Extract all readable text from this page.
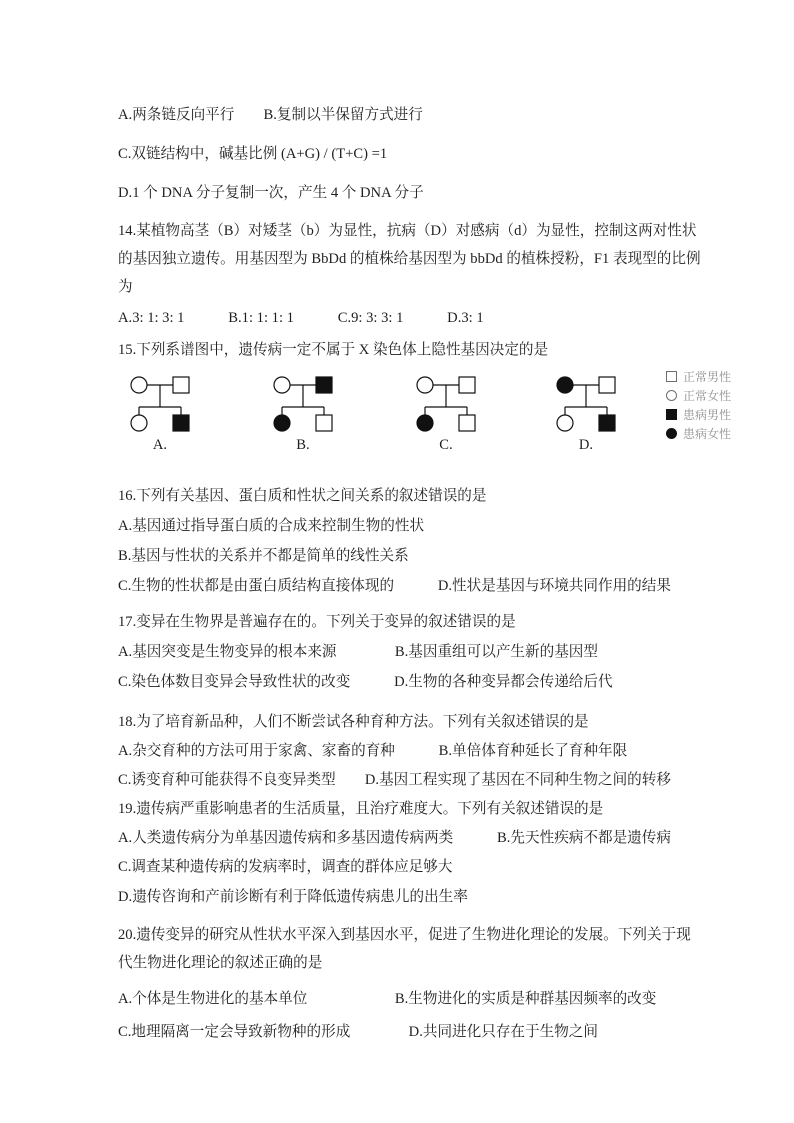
A.两条链反向平行　　B.复制以半保留方式进行
C.双链结构中，碱基比例 (A+G) / (T+C) =1
D.1 个 DNA 分子复制一次，产生 4 个 DNA 分子
14.某植物高茎（B）对矮茎（b）为显性，抗病（D）对感病（d）为显性，控制这两对性状
的基因独立遗传。用基因型为 BbDd 的植株给基因型为 bbDd 的植株授粉，F1 表现型的比例
为
A.3: 1: 3: 1　　　B.1: 1: 1: 1　　　C.9: 3: 3: 1　　　D.3: 1
15.下列系谱图中，遗传病一定不属于 X 染色体上隐性基因决定的是
A.	B.	C.	D.
正常男性
正常女性
患病男性
患病女性
16.下列有关基因、蛋白质和性状之间关系的叙述错误的是
A.基因通过指导蛋白质的合成来控制生物的性状
B.基因与性状的关系并不都是简单的线性关系
C.生物的性状都是由蛋白质结构直接体现的　　　D.性状是基因与环境共同作用的结果
17.变异在生物界是普遍存在的。下列关于变异的叙述错误的是
A.基因突变是生物变异的根本来源　　　　B.基因重组可以产生新的基因型
C.染色体数目变异会导致性状的改变　　　D.生物的各种变异都会传递给后代
18.为了培育新品种，人们不断尝试各种育种方法。下列有关叙述错误的是
A.杂交育种的方法可用于家禽、家畜的育种　　　B.单倍体育种延长了育种年限
C.诱变育种可能获得不良变异类型　　D.基因工程实现了基因在不同种生物之间的转移
19.遗传病严重影响患者的生活质量，且治疗难度大。下列有关叙述错误的是
A.人类遗传病分为单基因遗传病和多基因遗传病两类　　　B.先天性疾病不都是遗传病
C.调查某种遗传病的发病率时，调查的群体应足够大
D.遗传咨询和产前诊断有利于降低遗传病患儿的出生率
20.遗传变异的研究从性状水平深入到基因水平，促进了生物进化理论的发展。下列关于现
代生物进化理论的叙述正确的是
A.个体是生物进化的基本单位　　　　　　B.生物进化的实质是种群基因频率的改变
C.地理隔离一定会导致新物种的形成　　　　D.共同进化只存在于生物之间
